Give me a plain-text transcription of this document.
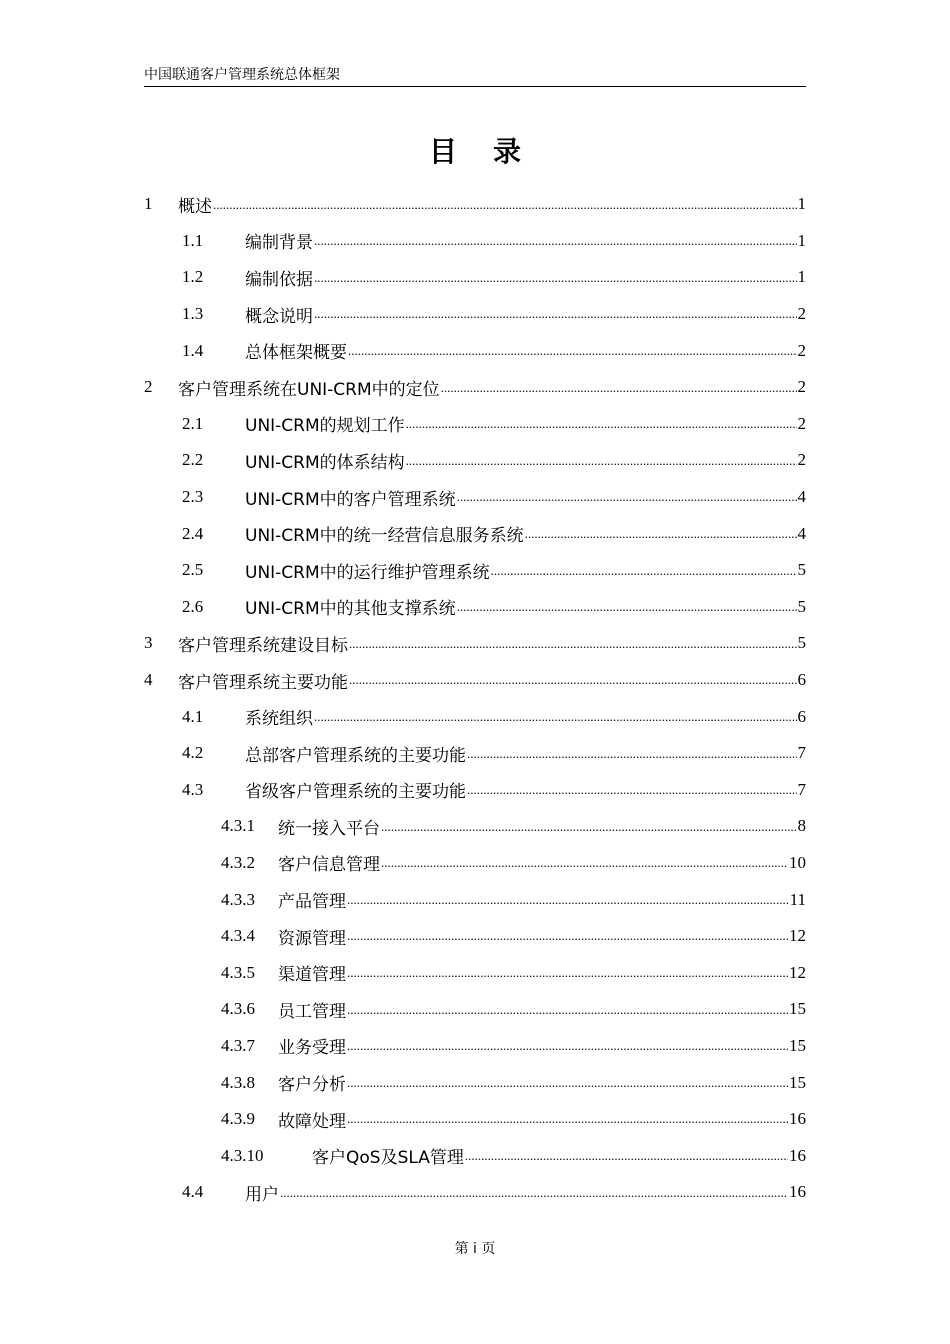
中国联通客户管理系统总体框架
目录
1	概述 .....	1
1.1	编制背景 .....	1
1.2	编制依据 .....	1
1.3	概念说明 .....	2
1.4	总体框架概要 .....	2
2	客户管理系统在UNI-CRM中的定位 .....	2
2.1	UNI-CRM的规划工作 .....	2
2.2	UNI-CRM的体系结构 .....	2
2.3	UNI-CRM中的客户管理系统 .....	4
2.4	UNI-CRM中的统一经营信息服务系统 .....	4
2.5	UNI-CRM中的运行维护管理系统 .....	5
2.6	UNI-CRM中的其他支撑系统 .....	5
3	客户管理系统建设目标 .....	5
4	客户管理系统主要功能 .....	6
4.1	系统组织 .....	6
4.2	总部客户管理系统的主要功能 .....	7
4.3	省级客户管理系统的主要功能 .....	7
4.3.1	统一接入平台 .....	8
4.3.2	客户信息管理 .....	10
4.3.3	产品管理 .....	11
4.3.4	资源管理 .....	12
4.3.5	渠道管理 .....	12
4.3.6	员工管理 .....	15
4.3.7	业务受理 .....	15
4.3.8	客户分析 .....	15
4.3.9	故障处理 .....	16
4.3.10	客户QoS及SLA管理 .....	16
4.4	用户 .....	16
第 i 页
